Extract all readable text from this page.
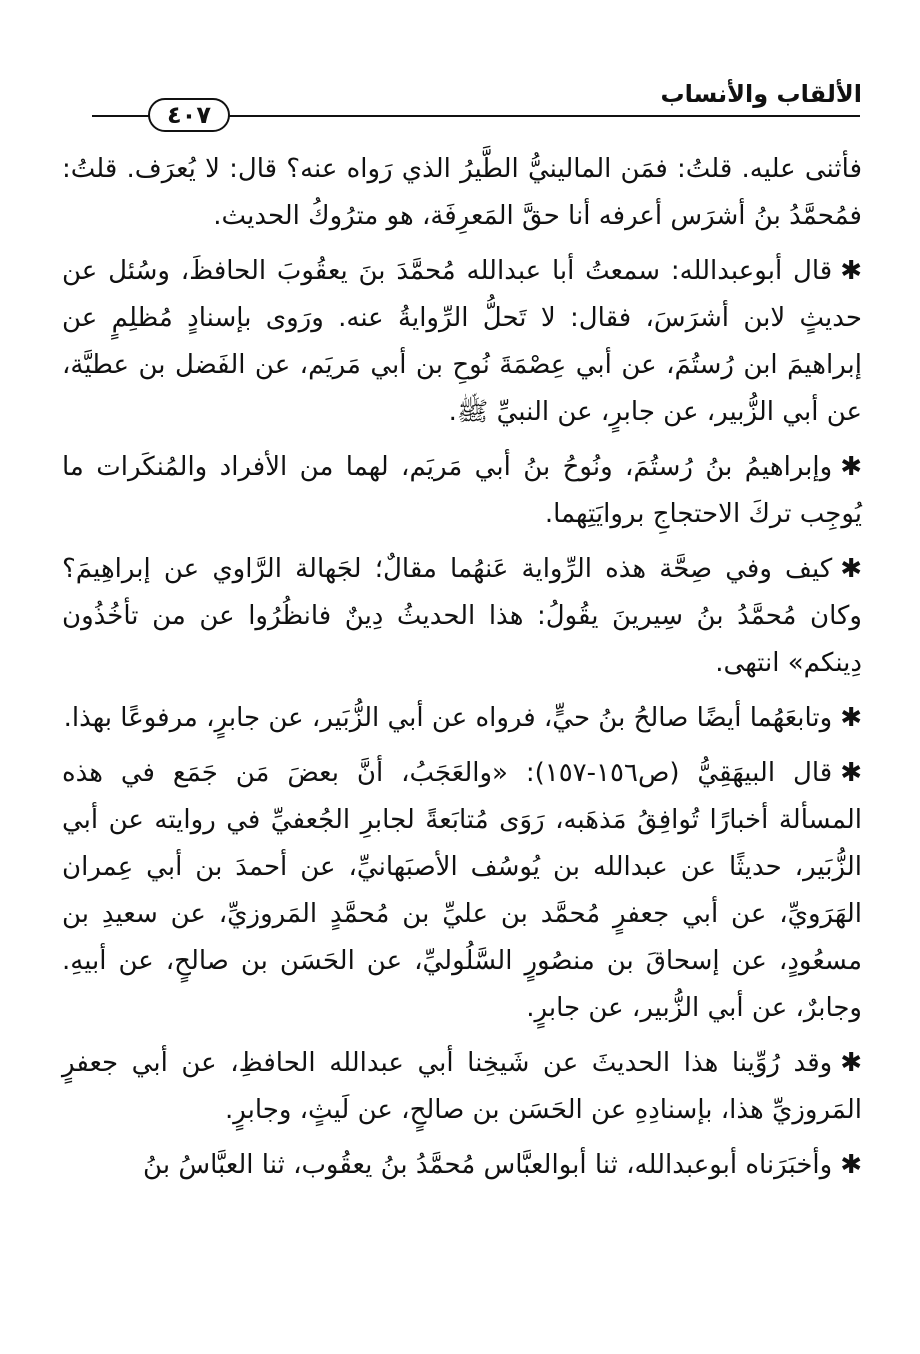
الألقاب والأنساب
٤٠٧

فأثنى عليه. قلتُ: فمَن المالينيُّ الطَّيرُ الذي رَواه عنه؟ قال: لا يُعرَف. قلتُ: فمُحمَّدُ بنُ أشرَس أعرفه أنا حقَّ المَعرِفَة، هو مترُوكُ الحديث.

✱قال أبوعبدالله: سمعتُ أبا عبدالله مُحمَّدَ بنَ يعقُوبَ الحافظَ، وسُئل عن حديثٍ لابن أشرَسَ، فقال: لا تَحلُّ الرِّوايةُ عنه. ورَوى بإسنادٍ مُظلِمٍ عن إبراهيمَ ابن رُستُمَ، عن أبي عِصْمَةَ نُوحِ بن أبي مَريَم، عن الفَضل بن عطيَّة، عن أبي الزُّبير، عن جابرٍ، عن النبيِّ ﷺ.

✱وإبراهيمُ بنُ رُستُمَ، ونُوحُ بنُ أبي مَريَم، لهما من الأفراد والمُنكَرات ما يُوجِب تركَ الاحتجاجِ بروايَتِهما.

✱كيف وفي صِحَّة هذه الرِّواية عَنهُما مقالٌ؛ لجَهالة الرَّاوي عن إبراهِيمَ؟ وكان مُحمَّدُ بنُ سِيرينَ يقُولُ: هذا الحديثُ دِينٌ فانظُرُوا عن من تأخُذُون دِينكم» انتهى.

✱وتابعَهُما أيضًا صالحُ بنُ حيٍّ، فرواه عن أبي الزُّبَير، عن جابرٍ، مرفوعًا بهذا.

✱قال البيهَقِيُّ (ص١٥٦-١٥٧): «والعَجَبُ، أنَّ بعضَ مَن جَمَع في هذه المسألة أخبارًا تُوافِقُ مَذهَبه، رَوَى مُتابَعةً لجابرِ الجُعفيِّ في روايته عن أبي الزُّبَير، حديثًا عن عبدالله بن يُوسُف الأصبَهانيِّ، عن أحمدَ بن أبي عِمران الهَرَويِّ، عن أبي جعفرٍ مُحمَّد بن عليِّ بن مُحمَّدٍ المَروزيِّ، عن سعيدِ بن مسعُودٍ، عن إسحاقَ بن منصُورٍ السَّلُوليِّ، عن الحَسَن بن صالحٍ، عن أبيهِ. وجابرٌ، عن أبي الزُّبير، عن جابرٍ.

✱وقد رُوِّينا هذا الحديثَ عن شَيخِنا أبي عبدالله الحافظِ، عن أبي جعفرٍ المَروزيِّ هذا، بإسنادِهِ عن الحَسَن بن صالحٍ، عن لَيثٍ، وجابرٍ.

✱وأخبَرَناه أبوعبدالله، ثنا أبوالعبَّاس مُحمَّدُ بنُ يعقُوب، ثنا العبَّاسُ بنُ
